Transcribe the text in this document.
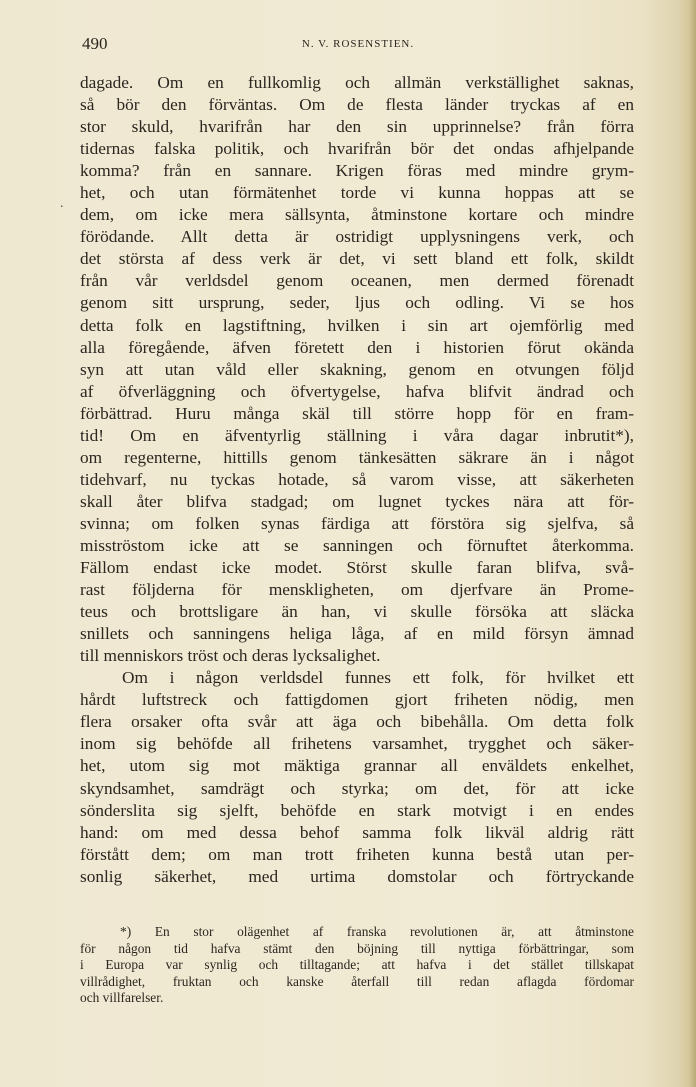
490	N. V. ROSENSTIEN.
.
dagade. Om en fullkomlig och allmän verkställighet saknas,
så bör den förväntas. Om de flesta länder tryckas af en
stor skuld, hvarifrån har den sin upprinnelse? från förra
tidernas falska politik, och hvarifrån bör det ondas afhjelpande
komma? från en sannare. Krigen föras med mindre grym-
het, och utan förmätenhet torde vi kunna hoppas att se
dem, om icke mera sällsynta, åtminstone kortare och mindre
förödande. Allt detta är ostridigt upplysningens verk, och
det största af dess verk är det, vi sett bland ett folk, skildt
från vår verldsdel genom oceanen, men dermed förenadt
genom sitt ursprung, seder, ljus och odling. Vi se hos
detta folk en lagstiftning, hvilken i sin art ojemförlig med
alla föregående, äfven företett den i historien förut okända
syn att utan våld eller skakning, genom en otvungen följd
af öfverläggning och öfvertygelse, hafva blifvit ändrad och
förbättrad. Huru många skäl till större hopp för en fram-
tid! Om en äfventyrlig ställning i våra dagar inbrutit*),
om regenterne, hittills genom tänkesätten säkrare än i något
tidehvarf, nu tyckas hotade, så varom visse, att säkerheten
skall åter blifva stadgad; om lugnet tyckes nära att för-
svinna; om folken synas färdiga att förstöra sig sjelfva, så
misströstom icke att se sanningen och förnuftet återkomma.
Fällom endast icke modet. Störst skulle faran blifva, svå-
rast följderna för menskligheten, om djerfvare än Prome-
teus och brottsligare än han, vi skulle försöka att släcka
snillets och sanningens heliga låga, af en mild försyn ämnad
till menniskors tröst och deras lycksalighet.
Om i någon verldsdel funnes ett folk, för hvilket ett
hårdt luftstreck och fattigdomen gjort friheten nödig, men
flera orsaker ofta svår att äga och bibehålla. Om detta folk
inom sig behöfde all frihetens varsamhet, trygghet och säker-
het, utom sig mot mäktiga grannar all enväldets enkelhet,
skyndsamhet, samdrägt och styrka; om det, för att icke
sönderslita sig sjelft, behöfde en stark motvigt i en endes
hand: om med dessa behof samma folk likväl aldrig rätt
förstått dem; om man trott friheten kunna bestå utan per-
sonlig säkerhet, med urtima domstolar och förtryckande
*) En stor olägenhet af franska revolutionen är, att åtminstone
för någon tid hafva stämt den böjning till nyttiga förbättringar, som
i Europa var synlig och tilltagande; att hafva i det stället tillskapat
villrådighet, fruktan och kanske återfall till redan aflagda fördomar
och villfarelser.
